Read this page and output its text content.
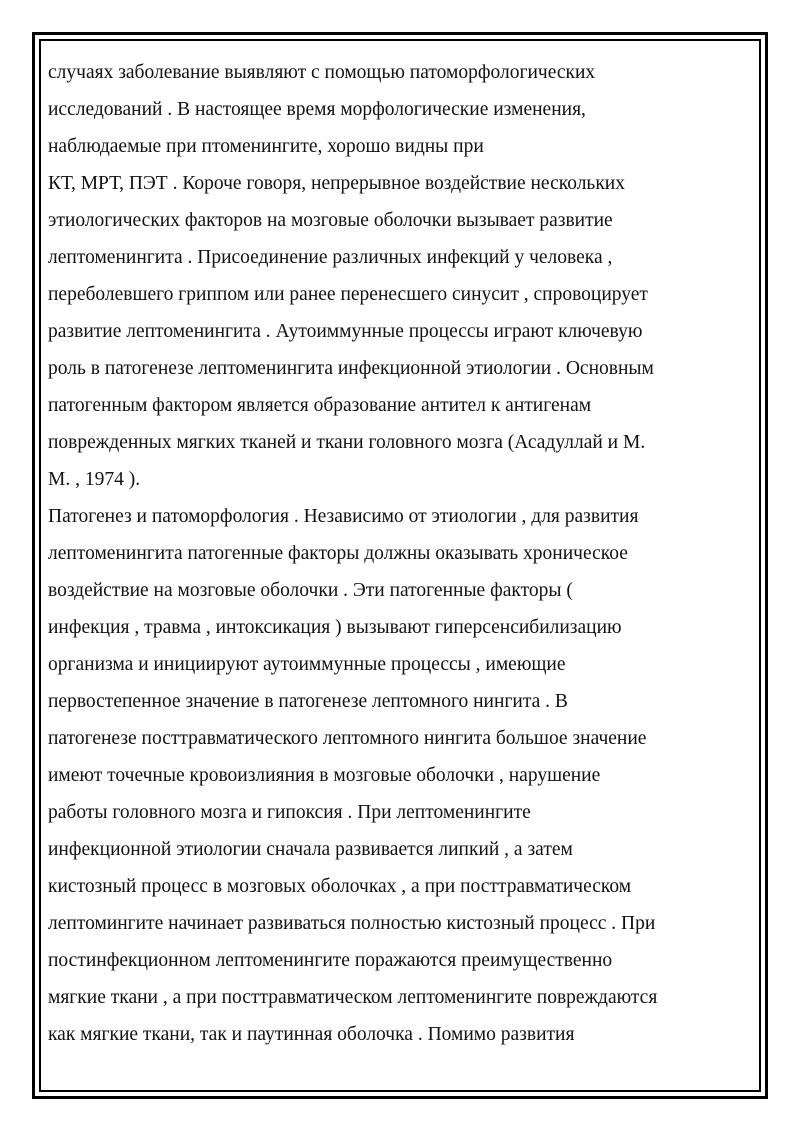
случаях заболевание выявляют с помощью патоморфологических
исследований . В настоящее время морфологические изменения,
наблюдаемые при птоменингите, хорошо видны при
КТ, МРТ, ПЭТ . Короче говоря, непрерывное воздействие нескольких
этиологических факторов на мозговые оболочки вызывает развитие
лептоменингита . Присоединение различных инфекций у человека ,
переболевшего гриппом или ранее перенесшего синусит , спровоцирует
развитие лептоменингита . Аутоиммунные процессы играют ключевую
роль в патогенезе лептоменингита инфекционной этиологии . Основным
патогенным фактором является образование антител к антигенам
поврежденных мягких тканей и ткани головного мозга (Асадуллай и М.
М. , 1974 ).
Патогенез и патоморфология . Независимо от этиологии , для развития
лептоменингита патогенные факторы должны оказывать хроническое
воздействие на мозговые оболочки . Эти патогенные факторы (
инфекция , травма , интоксикация ) вызывают гиперсенсибилизацию
организма и инициируют аутоиммунные процессы , имеющие
первостепенное значение в патогенезе лептомного нингита . В
патогенезе посттравматического лептомного нингита большое значение
имеют точечные кровоизлияния в мозговые оболочки , нарушение
работы головного мозга и гипоксия . При лептоменингите
инфекционной этиологии сначала развивается липкий , а затем
кистозный процесс в мозговых оболочках , а при посттравматическом
лептомингите начинает развиваться полностью кистозный процесс . При
постинфекционном лептоменингите поражаются преимущественно
мягкие ткани , а при посттравматическом лептоменингите повреждаются
как мягкие ткани, так и паутинная оболочка . Помимо развития
